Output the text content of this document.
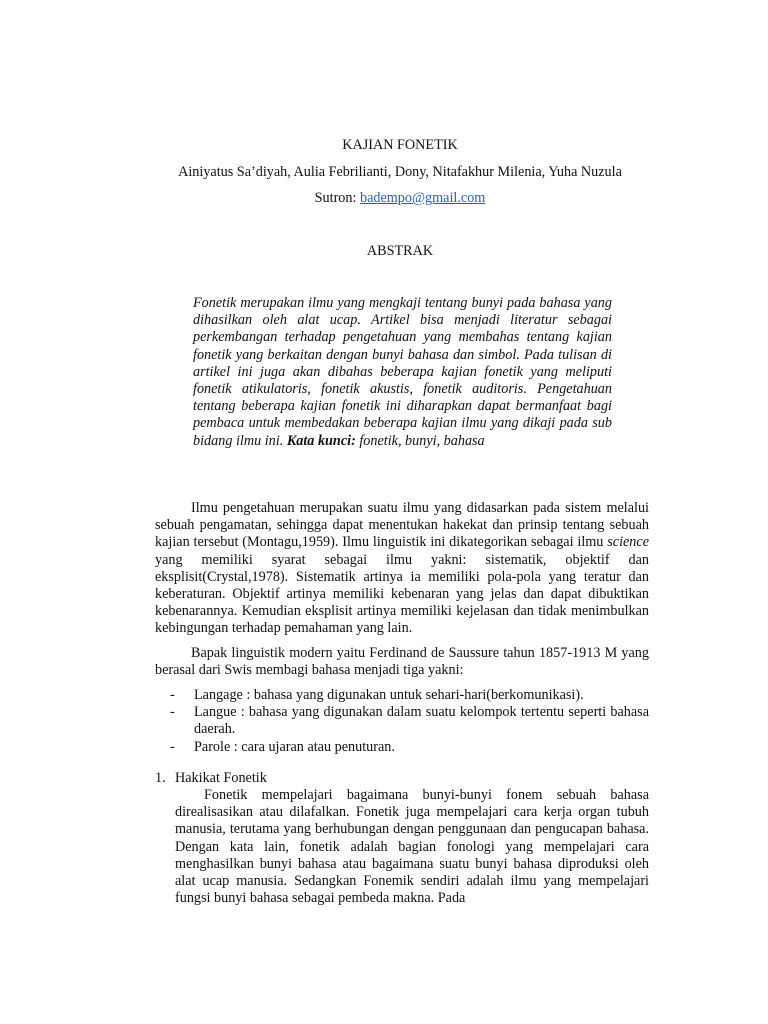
KAJIAN FONETIK
Ainiyatus Sa’diyah, Aulia Febrilianti, Dony, Nitafakhur Milenia, Yuha Nuzula
Sutron: badempo@gmail.com
ABSTRAK
Fonetik merupakan ilmu yang mengkaji tentang bunyi pada bahasa yang dihasilkan oleh alat ucap. Artikel bisa menjadi literatur sebagai perkembangan terhadap pengetahuan yang membahas tentang kajian fonetik yang berkaitan dengan bunyi bahasa dan simbol. Pada tulisan di artikel ini juga akan dibahas beberapa kajian fonetik yang meliputi fonetik atikulatoris, fonetik akustis, fonetik auditoris. Pengetahuan tentang beberapa kajian fonetik ini diharapkan dapat bermanfaat bagi pembaca untuk membedakan beberapa kajian ilmu yang dikaji pada sub bidang ilmu ini. Kata kunci: fonetik, bunyi, bahasa

Ilmu pengetahuan merupakan suatu ilmu yang didasarkan pada sistem melalui sebuah pengamatan, sehingga dapat menentukan hakekat dan prinsip tentang sebuah kajian tersebut (Montagu,1959). Ilmu linguistik ini dikategorikan sebagai ilmu science yang memiliki syarat sebagai ilmu yakni: sistematik, objektif dan eksplisit(Crystal,1978). Sistematik artinya ia memiliki pola-pola yang teratur dan keberaturan. Objektif artinya memiliki kebenaran yang jelas dan dapat dibuktikan kebenarannya. Kemudian eksplisit artinya memiliki kejelasan dan tidak menimbulkan kebingungan terhadap pemahaman yang lain.

Bapak linguistik modern yaitu Ferdinand de Saussure tahun 1857-1913 M yang berasal dari Swis membagi bahasa menjadi tiga yakni:

- Langage : bahasa yang digunakan untuk sehari-hari(berkomunikasi).
- Langue : bahasa yang digunakan dalam suatu kelompok tertentu seperti bahasa daerah.
- Parole : cara ujaran atau penuturan.
1. Hakikat Fonetik

Fonetik mempelajari bagaimana bunyi-bunyi fonem sebuah bahasa direalisasikan atau dilafalkan. Fonetik juga mempelajari cara kerja organ tubuh manusia, terutama yang berhubungan dengan penggunaan dan pengucapan bahasa. Dengan kata lain, fonetik adalah bagian fonologi yang mempelajari cara menghasilkan bunyi bahasa atau bagaimana suatu bunyi bahasa diproduksi oleh alat ucap manusia. Sedangkan Fonemik sendiri adalah ilmu yang mempelajari fungsi bunyi bahasa sebagai pembeda makna. Pada
